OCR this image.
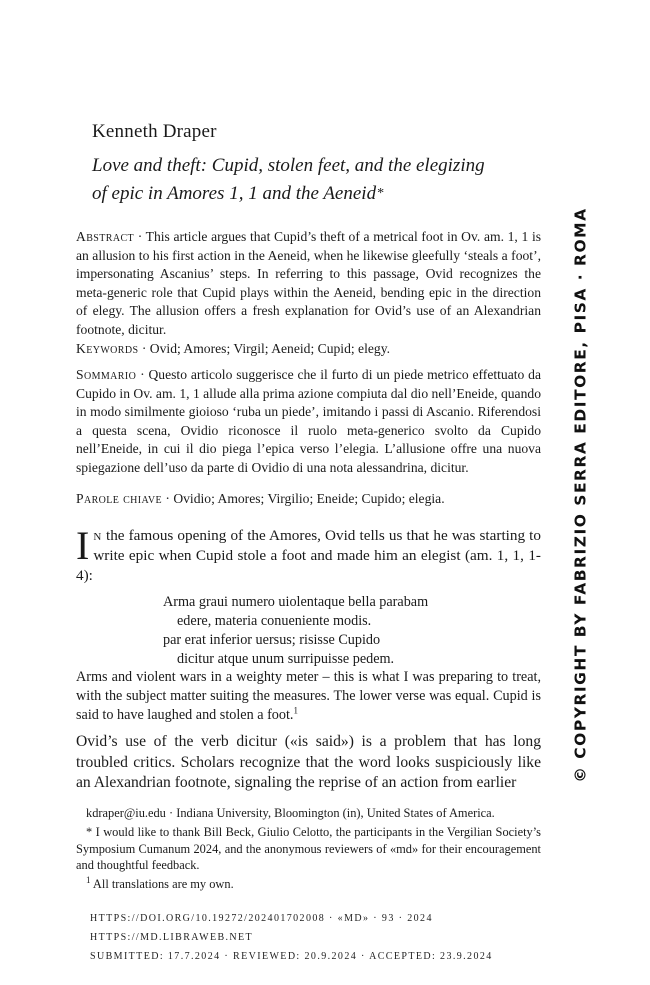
Kenneth Draper
Love and theft: Cupid, stolen feet, and the elegizing
of epic in Amores 1, 1 and the Aeneid*
Abstract · This article argues that Cupid’s theft of a metrical foot in Ov. am. 1, 1 is an allusion to his first action in the Aeneid, when he likewise gleefully ‘steals a foot’, impersonating Ascanius’ steps. In referring to this passage, Ovid recognizes the meta-generic role that Cupid plays within the Aeneid, bending epic in the direction of elegy. The allusion offers a fresh explanation for Ovid’s use of an Alexandrian footnote, dicitur.
Keywords · Ovid; Amores; Virgil; Aeneid; Cupid; elegy.
Sommario · Questo articolo suggerisce che il furto di un piede metrico effettuato da Cupido in Ov. am. 1, 1 allude alla prima azione compiuta dal dio nell’Eneide, quando in modo similmente gioioso ‘ruba un piede’, imitando i passi di Ascanio. Riferendosi a questa scena, Ovidio riconosce il ruolo meta-generico svolto da Cupido nell’Eneide, in cui il dio piega l’epica verso l’elegia. L’allusione offre una nuova spiegazione dell’uso da parte di Ovidio di una nota alessandrina, dicitur.
Parole chiave · Ovidio; Amores; Virgilio; Eneide; Cupido; elegia.
In the famous opening of the Amores, Ovid tells us that he was starting to write epic when Cupid stole a foot and made him an elegist (am. 1, 1, 1-4):
Arma graui numero uiolentaque bella parabam
edere, materia conueniente modis.
par erat inferior uersus; risisse Cupido
dicitur atque unum surripuisse pedem.
Arms and violent wars in a weighty meter – this is what I was preparing to treat, with the subject matter suiting the measures. The lower verse was equal. Cupid is said to have laughed and stolen a foot.$^1$
Ovid’s use of the verb dicitur («is said») is a problem that has long troubled critics. Scholars recognize that the word looks suspiciously like an Alexandrian footnote, signaling the reprise of an action from earlier
kdraper@iu.edu · Indiana University, Bloomington (in), United States of America.
* I would like to thank Bill Beck, Giulio Celotto, the participants in the Vergilian Society’s Symposium Cumanum 2024, and the anonymous reviewers of «md» for their encouragement and thoughtful feedback.
$^1$ All translations are my own.
HTTPS://DOI.ORG/10.19272/202401702008 · «MD» · 93 · 2024
HTTPS://MD.LIBRAWEB.NET
SUBMITTED: 17.7.2024 · REVIEWED: 20.9.2024 · ACCEPTED: 23.9.2024
© COPYRIGHT BY FABRIZIO SERRA EDITORE, PISA · ROMA
